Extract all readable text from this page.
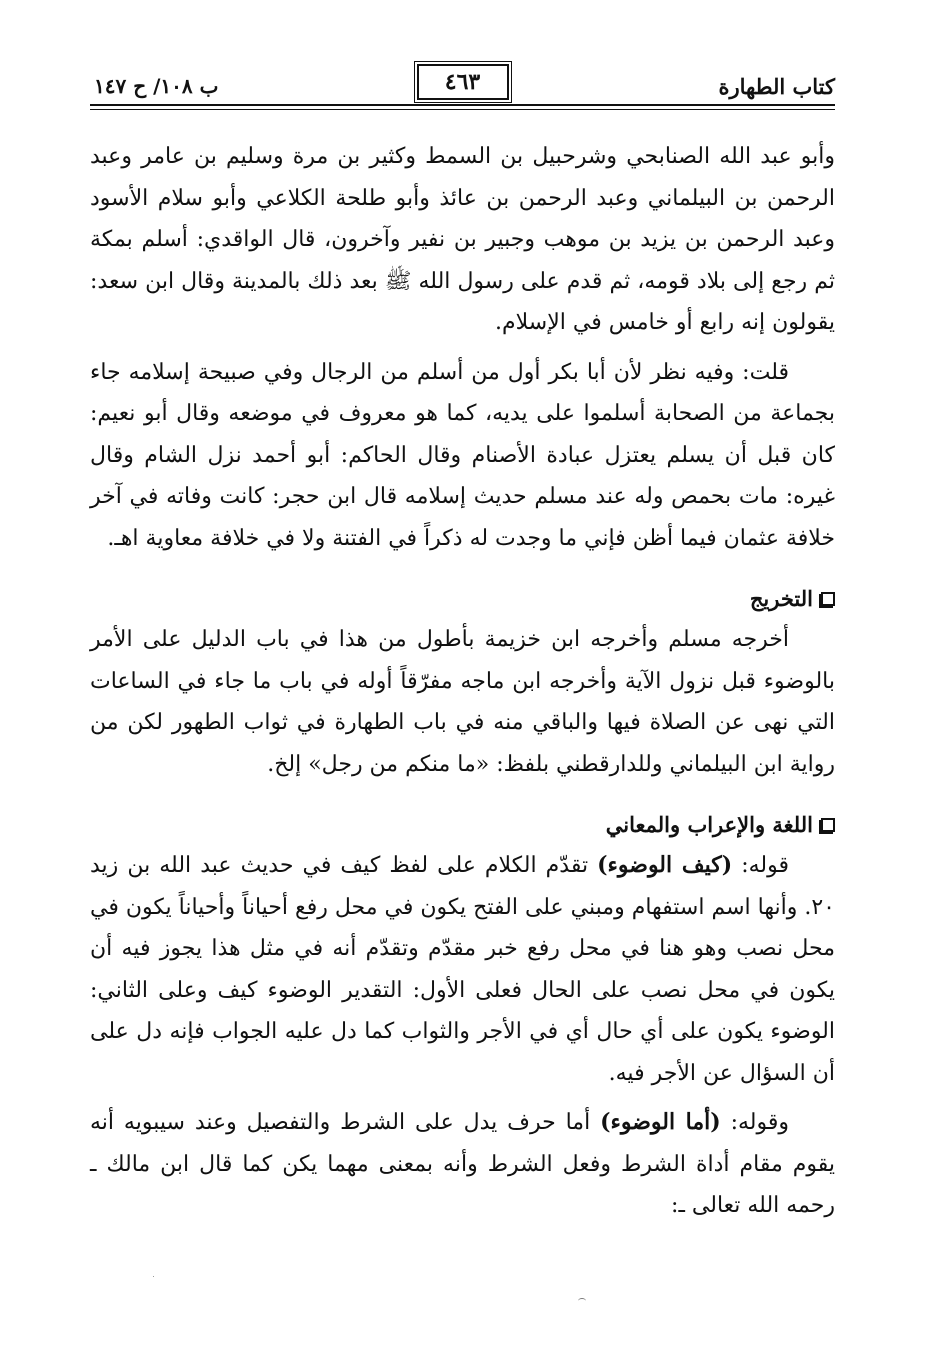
كتاب الطهارة
٤٦٣
ب ١٠٨/ ح ١٤٧

وأبو عبد الله الصنابحي وشرحبيل بن السمط وكثير بن مرة وسليم بن عامر وعبد الرحمن بن البيلماني وعبد الرحمن بن عائذ وأبو طلحة الكلاعي وأبو سلام الأسود وعبد الرحمن بن يزيد بن موهب وجبير بن نفير وآخرون، قال الواقدي: أسلم بمكة ثم رجع إلى بلاد قومه، ثم قدم على رسول الله ﷺ بعد ذلك بالمدينة وقال ابن سعد: يقولون إنه رابع أو خامس في الإسلام.

قلت: وفيه نظر لأن أبا بكر أول من أسلم من الرجال وفي صبيحة إسلامه جاء بجماعة من الصحابة أسلموا على يديه، كما هو معروف في موضعه وقال أبو نعيم: كان قبل أن يسلم يعتزل عبادة الأصنام وقال الحاكم: أبو أحمد نزل الشام وقال غيره: مات بحمص وله عند مسلم حديث إسلامه قال ابن حجر: كانت وفاته في آخر خلافة عثمان فيما أظن فإني ما وجدت له ذكراً في الفتنة ولا في خلافة معاوية اهـ.

التخريج

أخرجه مسلم وأخرجه ابن خزيمة بأطول من هذا في باب الدليل على الأمر بالوضوء قبل نزول الآية وأخرجه ابن ماجه مفرّقاً أوله في باب ما جاء في الساعات التي نهى عن الصلاة فيها والباقي منه في باب الطهارة في ثواب الطهور لكن من رواية ابن البيلماني وللدارقطني بلفظ: «ما منكم من رجل» إلخ.

اللغة والإعراب والمعاني

قوله: (كيف الوضوء) تقدّم الكلام على لفظ كيف في حديث عبد الله بن زيد ٢٠. وأنها اسم استفهام ومبني على الفتح يكون في محل رفع أحياناً وأحياناً يكون في محل نصب وهو هنا في محل رفع خبر مقدّم وتقدّم أنه في مثل هذا يجوز فيه أن يكون في محل نصب على الحال فعلى الأول: التقدير الوضوء كيف وعلى الثاني: الوضوء يكون على أي حال أي في الأجر والثواب كما دل عليه الجواب فإنه دل على أن السؤال عن الأجر فيه.

وقوله: (أما الوضوء) أما حرف يدل على الشرط والتفصيل وعند سيبويه أنه يقوم مقام أداة الشرط وفعل الشرط وأنه بمعنى مهما يكن كما قال ابن مالك ـ رحمه الله تعالى ـ:
